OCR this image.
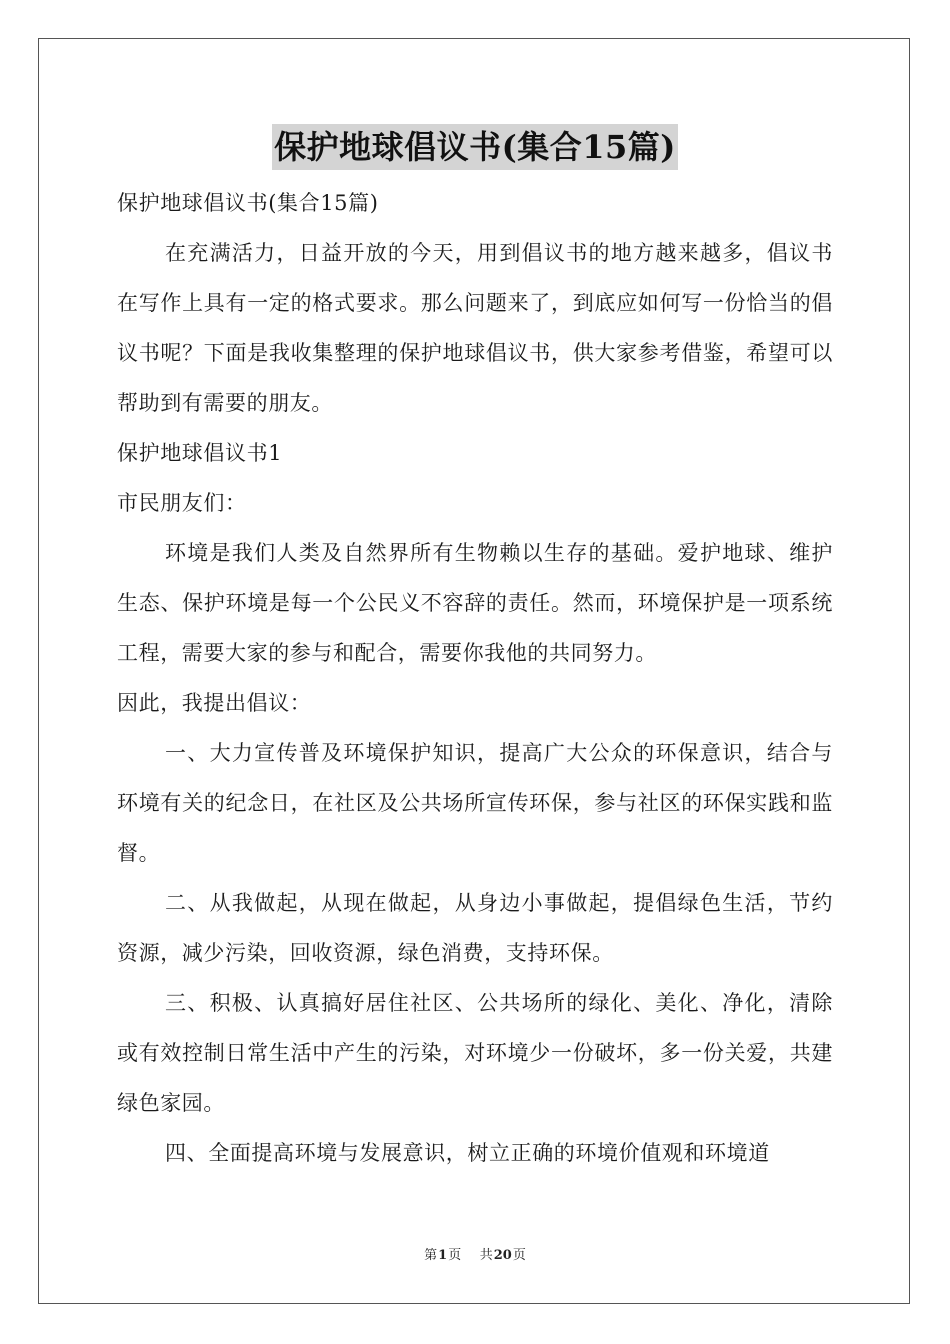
保护地球倡议书(集合15篇)
保护地球倡议书(集合15篇)

在充满活力，日益开放的今天，用到倡议书的地方越来越多，倡议书在写作上具有一定的格式要求。那么问题来了，到底应如何写一份恰当的倡议书呢？下面是我收集整理的保护地球倡议书，供大家参考借鉴，希望可以帮助到有需要的朋友。

保护地球倡议书1
市民朋友们：

环境是我们人类及自然界所有生物赖以生存的基础。爱护地球、维护生态、保护环境是每一个公民义不容辞的责任。然而，环境保护是一项系统工程，需要大家的参与和配合，需要你我他的共同努力。

因此，我提出倡议：

一、大力宣传普及环境保护知识，提高广大公众的环保意识，结合与环境有关的纪念日，在社区及公共场所宣传环保，参与社区的环保实践和监督。

二、从我做起，从现在做起，从身边小事做起，提倡绿色生活，节约资源，减少污染，回收资源，绿色消费，支持环保。

三、积极、认真搞好居住社区、公共场所的绿化、美化、净化，清除或有效控制日常生活中产生的污染，对环境少一份破坏，多一份关爱，共建绿色家园。

四、全面提高环境与发展意识，树立正确的环境价值观和环境道

第1页 共20页
